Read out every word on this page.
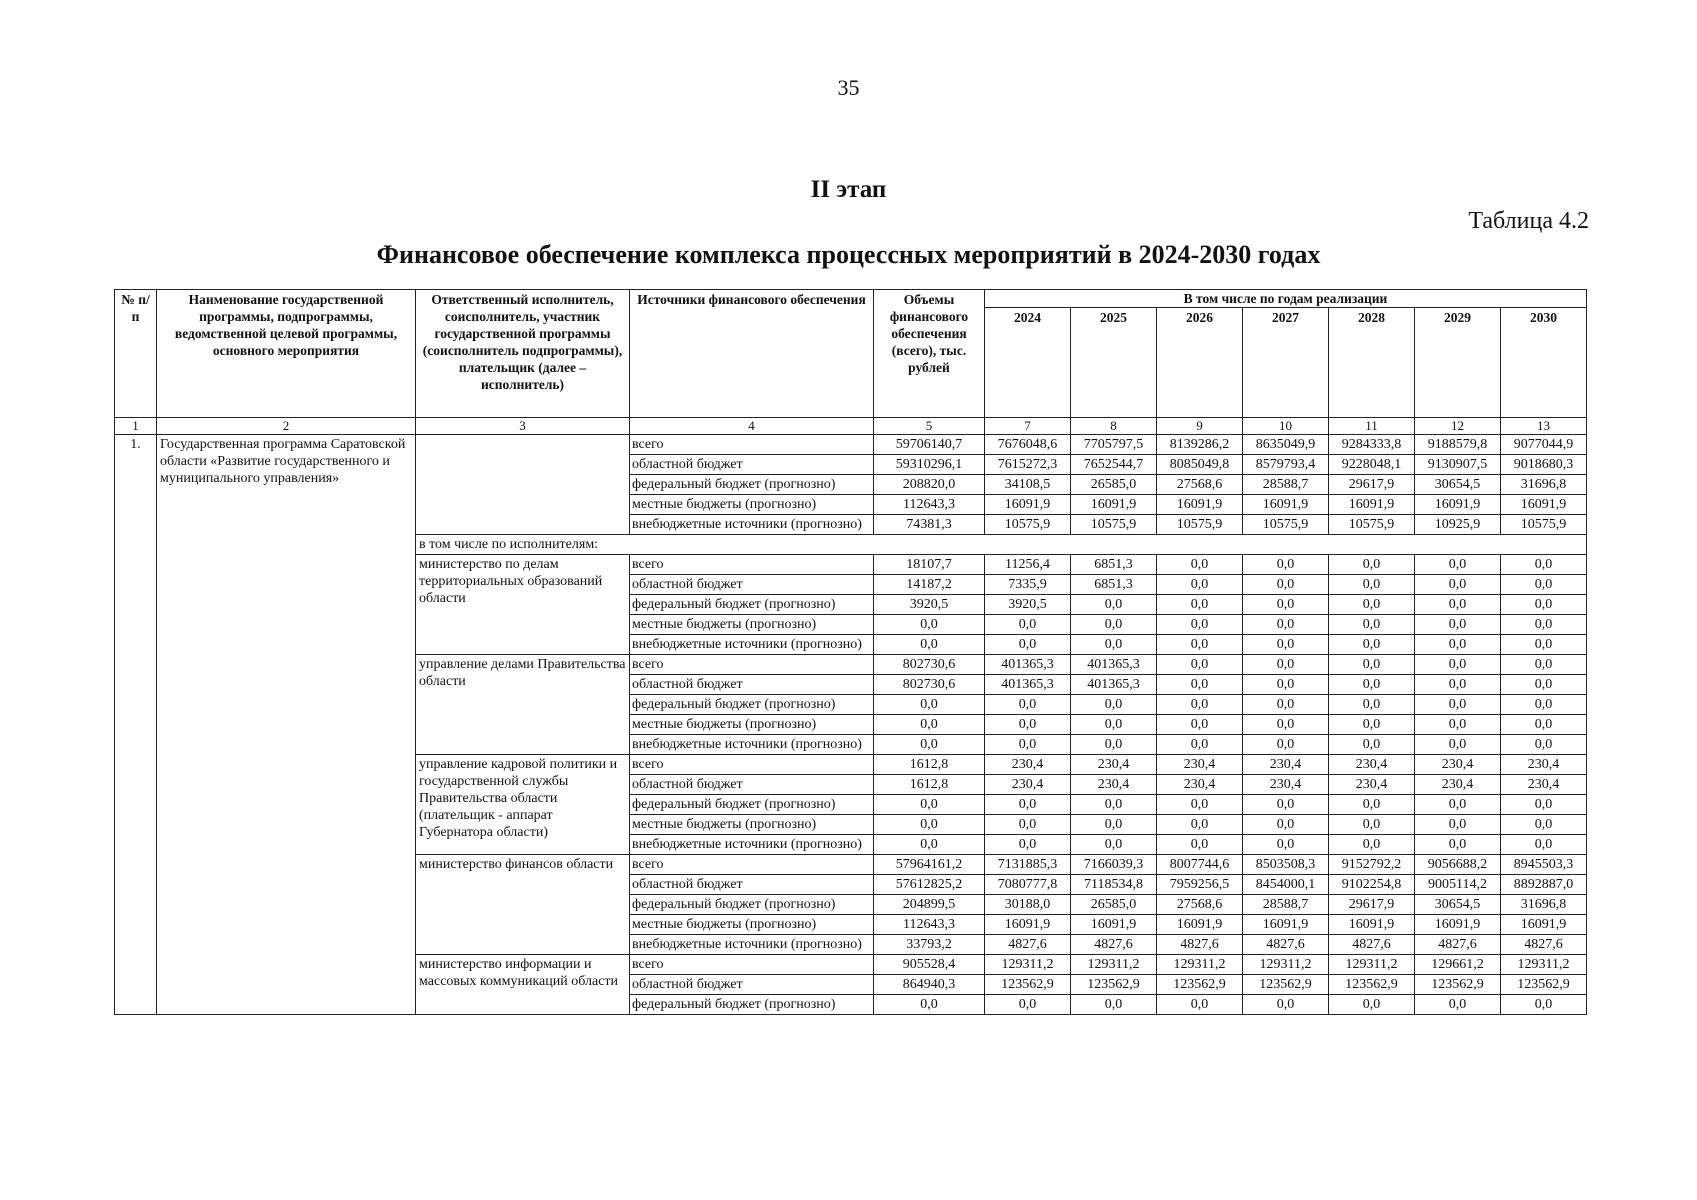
35
II этап
Таблица 4.2
Финансовое обеспечение комплекса процессных мероприятий в 2024-2030 годах
№ п/п	Наименование государственной программы, подпрограммы, ведомственной целевой программы, основного мероприятия	Ответственный исполнитель, соисполнитель, участник государственной программы (соисполнитель подпрограммы), плательщик (далее – исполнитель)	Источники финансового обеспечения	Объемы финансового обеспечения (всего), тыс. рублей	В том числе по годам реализации						
					2024	2025	2026	2027	2028	2029	2030
1	2	3	4	5	7	8	9	10	11	12	13
1.	Государственная программа Саратовской области «Развитие государственного и муниципального управления»		всего	59706140,7	7676048,6	7705797,5	8139286,2	8635049,9	9284333,8	9188579,8	9077044,9
			областной бюджет	59310296,1	7615272,3	7652544,7	8085049,8	8579793,4	9228048,1	9130907,5	9018680,3
			федеральный бюджет (прогнозно)	208820,0	34108,5	26585,0	27568,6	28588,7	29617,9	30654,5	31696,8
			местные бюджеты (прогнозно)	112643,3	16091,9	16091,9	16091,9	16091,9	16091,9	16091,9	16091,9
			внебюджетные источники (прогнозно)	74381,3	10575,9	10575,9	10575,9	10575,9	10575,9	10925,9	10575,9
		в том числе по исполнителям:									
		министерство по делам территориальных образований области	всего	18107,7	11256,4	6851,3	0,0	0,0	0,0	0,0	0,0
			областной бюджет	14187,2	7335,9	6851,3	0,0	0,0	0,0	0,0	0,0
			федеральный бюджет (прогнозно)	3920,5	3920,5	0,0	0,0	0,0	0,0	0,0	0,0
			местные бюджеты (прогнозно)	0,0	0,0	0,0	0,0	0,0	0,0	0,0	0,0
			внебюджетные источники (прогнозно)	0,0	0,0	0,0	0,0	0,0	0,0	0,0	0,0
		управление делами Правительства области	всего	802730,6	401365,3	401365,3	0,0	0,0	0,0	0,0	0,0
			областной бюджет	802730,6	401365,3	401365,3	0,0	0,0	0,0	0,0	0,0
			федеральный бюджет (прогнозно)	0,0	0,0	0,0	0,0	0,0	0,0	0,0	0,0
			местные бюджеты (прогнозно)	0,0	0,0	0,0	0,0	0,0	0,0	0,0	0,0
			внебюджетные источники (прогнозно)	0,0	0,0	0,0	0,0	0,0	0,0	0,0	0,0
		управление кадровой политики и государственной службы Правительства области (плательщик - аппарат Губернатора области)	всего	1612,8	230,4	230,4	230,4	230,4	230,4	230,4	230,4
			областной бюджет	1612,8	230,4	230,4	230,4	230,4	230,4	230,4	230,4
			федеральный бюджет (прогнозно)	0,0	0,0	0,0	0,0	0,0	0,0	0,0	0,0
			местные бюджеты (прогнозно)	0,0	0,0	0,0	0,0	0,0	0,0	0,0	0,0
			внебюджетные источники (прогнозно)	0,0	0,0	0,0	0,0	0,0	0,0	0,0	0,0
		министерство финансов области	всего	57964161,2	7131885,3	7166039,3	8007744,6	8503508,3	9152792,2	9056688,2	8945503,3
			областной бюджет	57612825,2	7080777,8	7118534,8	7959256,5	8454000,1	9102254,8	9005114,2	8892887,0
			федеральный бюджет (прогнозно)	204899,5	30188,0	26585,0	27568,6	28588,7	29617,9	30654,5	31696,8
			местные бюджеты (прогнозно)	112643,3	16091,9	16091,9	16091,9	16091,9	16091,9	16091,9	16091,9
			внебюджетные источники (прогнозно)	33793,2	4827,6	4827,6	4827,6	4827,6	4827,6	4827,6	4827,6
		министерство информации и массовых коммуникаций области	всего	905528,4	129311,2	129311,2	129311,2	129311,2	129311,2	129661,2	129311,2
			областной бюджет	864940,3	123562,9	123562,9	123562,9	123562,9	123562,9	123562,9	123562,9
			федеральный бюджет (прогнозно)	0,0	0,0	0,0	0,0	0,0	0,0	0,0	0,0
